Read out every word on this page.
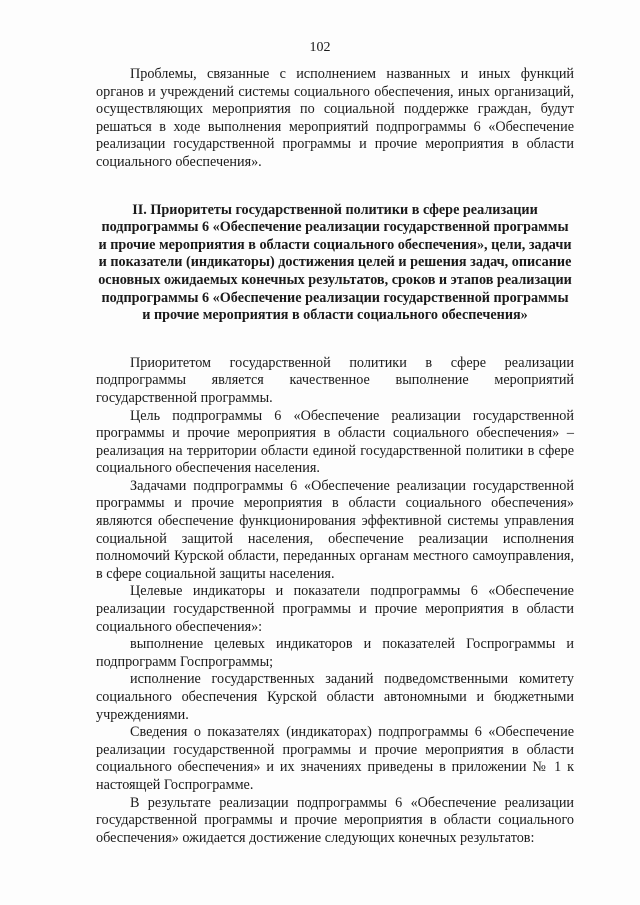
102

Проблемы, связанные с исполнением названных и иных функций органов и учреждений системы социального обеспечения, иных организаций, осуществляющих мероприятия по социальной поддержке граждан, будут решаться в ходе выполнения мероприятий подпрограммы 6 «Обеспечение реализации государственной программы и прочие мероприятия в области социального обеспечения».

II. Приоритеты государственной политики в сфере реализации подпрограммы 6 «Обеспечение реализации государственной программы и прочие мероприятия в области социального обеспечения», цели, задачи и показатели (индикаторы) достижения целей и решения задач, описание основных ожидаемых конечных результатов, сроков и этапов реализации подпрограммы 6 «Обеспечение реализации государственной программы и прочие мероприятия в области социального обеспечения»

Приоритетом государственной политики в сфере реализации подпрограммы является качественное выполнение мероприятий государственной программы.

Цель подпрограммы 6 «Обеспечение реализации государственной программы и прочие мероприятия в области социального обеспечения» – реализация на территории области единой государственной политики в сфере социального обеспечения населения.

Задачами подпрограммы 6 «Обеспечение реализации государственной программы и прочие мероприятия в области социального обеспечения» являются обеспечение функционирования эффективной системы управления социальной защитой населения, обеспечение реализации исполнения полномочий Курской области, переданных органам местного самоуправления, в сфере социальной защиты населения.

Целевые индикаторы и показатели подпрограммы 6 «Обеспечение реализации государственной программы и прочие мероприятия в области социального обеспечения»:

выполнение целевых индикаторов и показателей Госпрограммы и подпрограмм Госпрограммы;

исполнение государственных заданий подведомственными комитету социального обеспечения Курской области автономными и бюджетными учреждениями.

Сведения о показателях (индикаторах) подпрограммы 6 «Обеспечение реализации государственной программы и прочие мероприятия в области социального обеспечения» и их значениях приведены в приложении № 1 к настоящей Госпрограмме.

В результате реализации подпрограммы 6 «Обеспечение реализации государственной программы и прочие мероприятия в области социального обеспечения» ожидается достижение следующих конечных результатов:
